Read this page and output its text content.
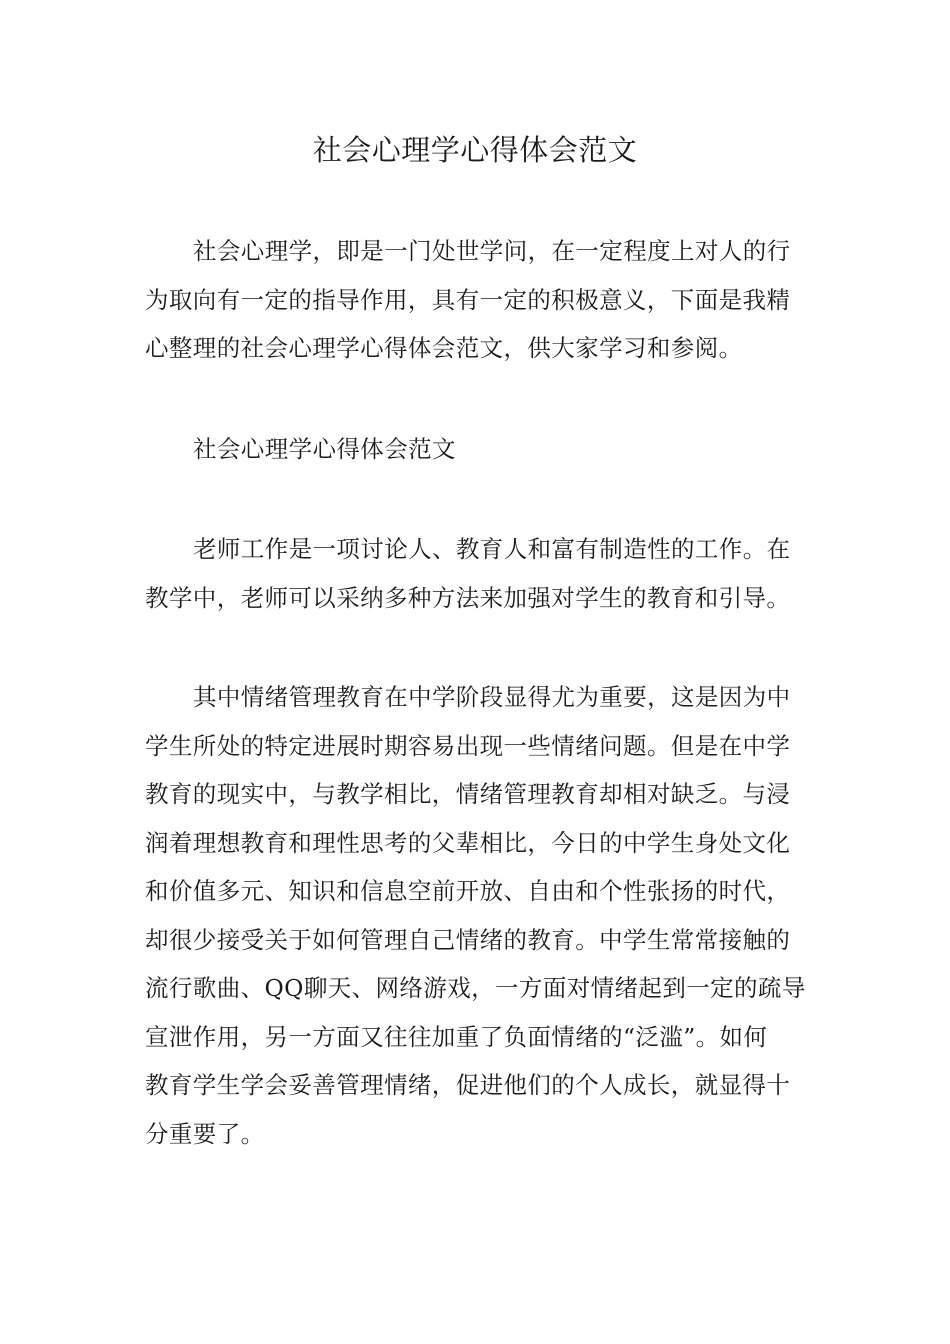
社会心理学心得体会范文

社会心理学，即是一门处世学问，在一定程度上对人的行
为取向有一定的指导作用，具有一定的积极意义，下面是我精
心整理的社会心理学心得体会范文，供大家学习和参阅。

社会心理学心得体会范文

老师工作是一项讨论人、教育人和富有制造性的工作。在
教学中，老师可以采纳多种方法来加强对学生的教育和引导。

其中情绪管理教育在中学阶段显得尤为重要，这是因为中
学生所处的特定进展时期容易出现一些情绪问题。但是在中学
教育的现实中，与教学相比，情绪管理教育却相对缺乏。与浸
润着理想教育和理性思考的父辈相比，今日的中学生身处文化
和价值多元、知识和信息空前开放、自由和个性张扬的时代，
却很少接受关于如何管理自己情绪的教育。中学生常常接触的
流行歌曲、QQ聊天、网络游戏，一方面对情绪起到一定的疏导
宣泄作用，另一方面又往往加重了负面情绪的“泛滥”。如何
教育学生学会妥善管理情绪，促进他们的个人成长，就显得十
分重要了。
